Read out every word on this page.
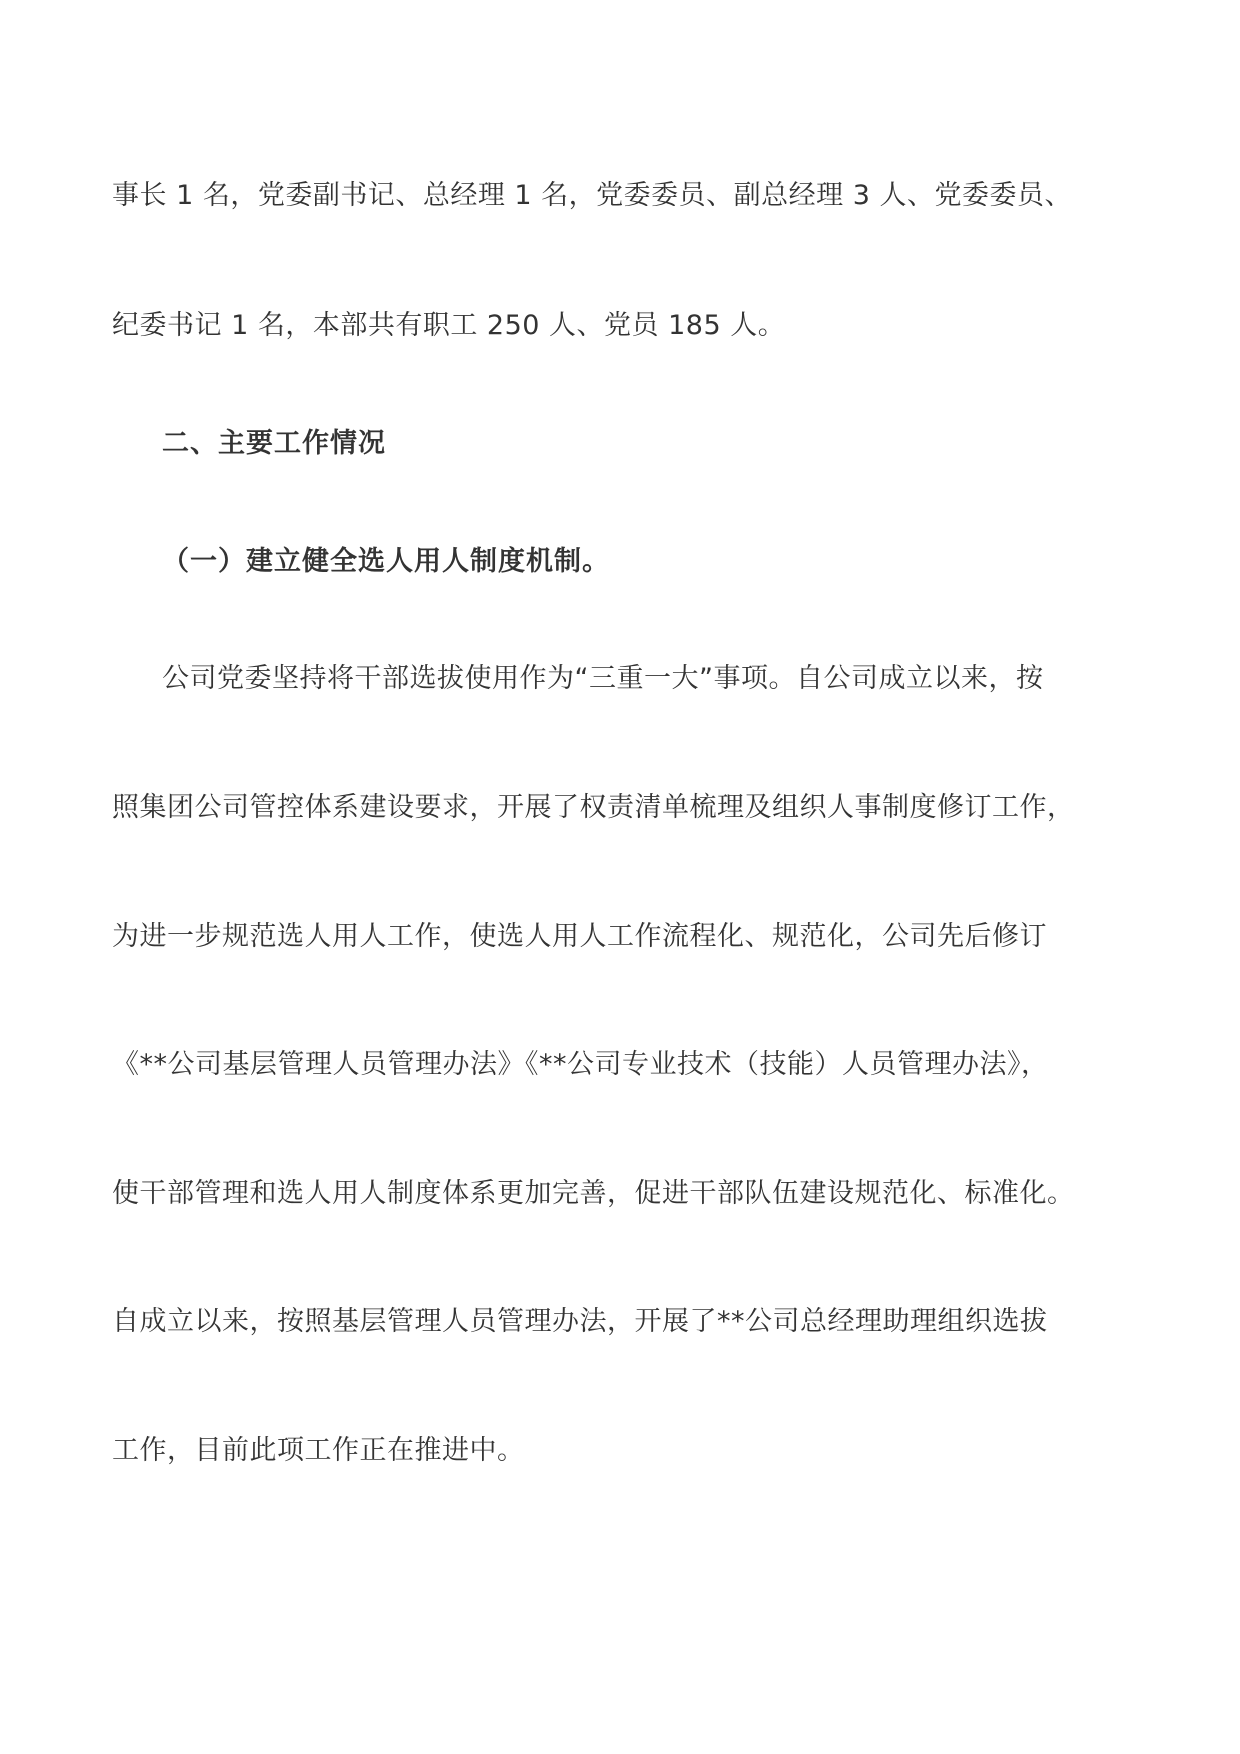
事长 1 名，党委副书记、总经理 1 名，党委委员、副总经理 3 人、党委委员、
纪委书记 1 名，本部共有职工 250 人、党员 185 人。
二、主要工作情况
（一）建立健全选人用人制度机制。
公司党委坚持将干部选拔使用作为“三重一大”事项。自公司成立以来，按
照集团公司管控体系建设要求，开展了权责清单梳理及组织人事制度修订工作，
为进一步规范选人用人工作，使选人用人工作流程化、规范化，公司先后修订
《**公司基层管理人员管理办法》《**公司专业技术（技能）人员管理办法》，
使干部管理和选人用人制度体系更加完善，促进干部队伍建设规范化、标准化。
自成立以来，按照基层管理人员管理办法，开展了**公司总经理助理组织选拔
工作，目前此项工作正在推进中。
